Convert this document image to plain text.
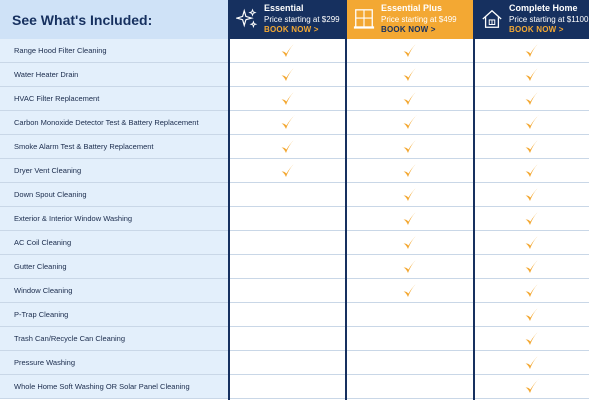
See What's Included:
Essential
Price starting at $299
BOOK NOW >
Essential Plus
Price starting at $499
BOOK NOW >
Complete Home
Price starting at $1100
BOOK NOW >
Range Hood Filter Cleaning
Water Heater Drain
HVAC Filter Replacement
Carbon Monoxide Detector Test & Battery Replacement
Smoke Alarm Test & Battery Replacement
Dryer Vent Cleaning
Down Spout Cleaning
Exterior & Interior Window Washing
AC Coil Cleaning
Gutter Cleaning
Window Cleaning
P-Trap Cleaning
Trash Can/Recycle Can Cleaning
Pressure Washing
Whole Home Soft Washing OR Solar Panel Cleaning
